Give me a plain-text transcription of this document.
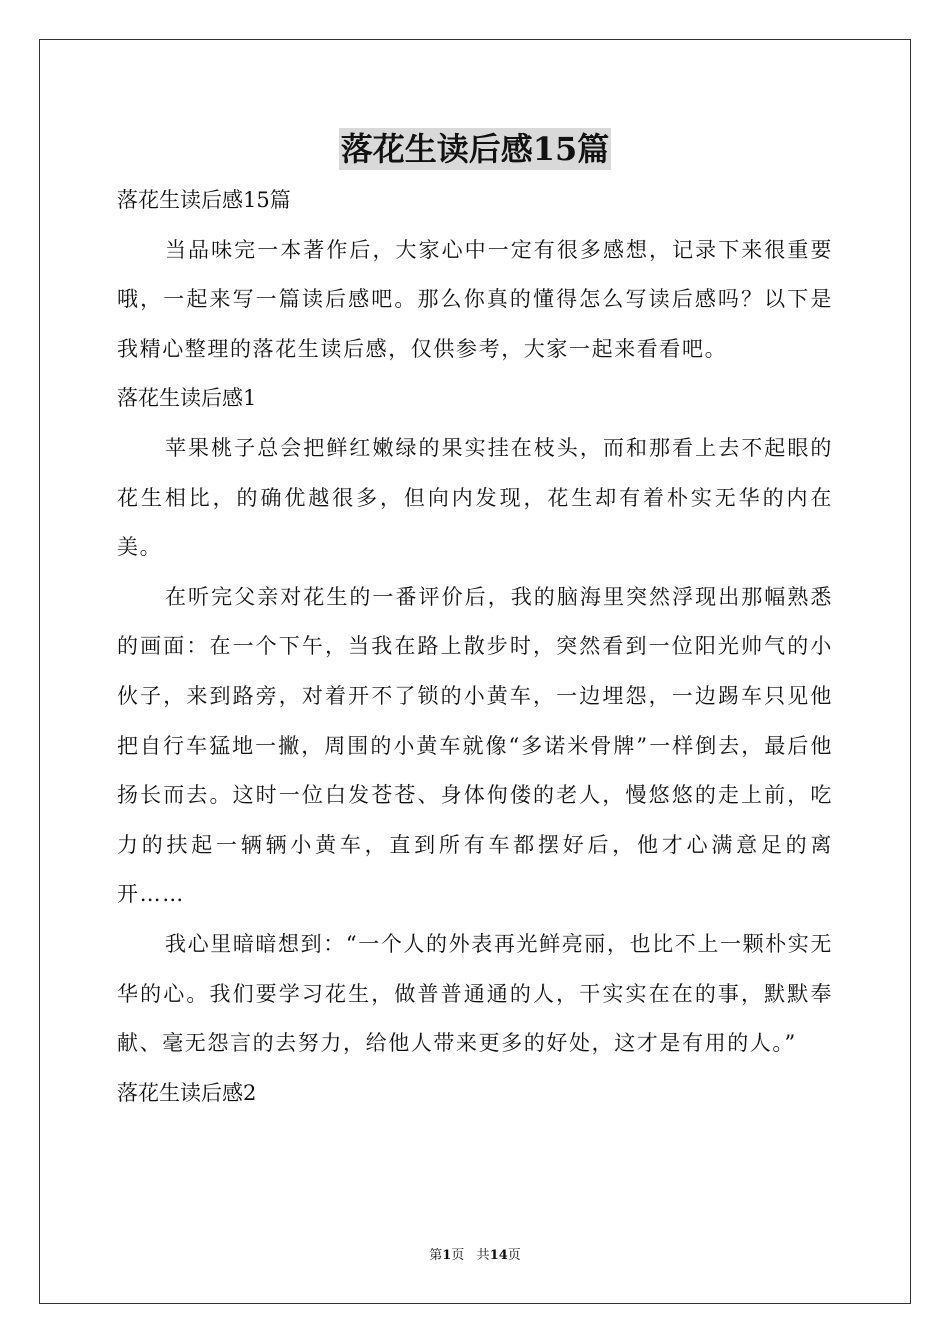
落花生读后感15篇

落花生读后感15篇

当品味完一本著作后，大家心中一定有很多感想，记录下来很重要哦，一起来写一篇读后感吧。那么你真的懂得怎么写读后感吗？以下是我精心整理的落花生读后感，仅供参考，大家一起来看看吧。

落花生读后感1

苹果桃子总会把鲜红嫩绿的果实挂在枝头，而和那看上去不起眼的花生相比，的确优越很多，但向内发现，花生却有着朴实无华的内在美。

在听完父亲对花生的一番评价后，我的脑海里突然浮现出那幅熟悉的画面：在一个下午，当我在路上散步时，突然看到一位阳光帅气的小伙子，来到路旁，对着开不了锁的小黄车，一边埋怨，一边踢车只见他把自行车猛地一撇，周围的小黄车就像“多诺米骨牌”一样倒去，最后他扬长而去。这时一位白发苍苍、身体佝偻的老人，慢悠悠的走上前，吃力的扶起一辆辆小黄车，直到所有车都摆好后，他才心满意足的离开……

我心里暗暗想到：“一个人的外表再光鲜亮丽，也比不上一颗朴实无华的心。我们要学习花生，做普普通通的人，干实实在在的事，默默奉献、毫无怨言的去努力，给他人带来更多的好处，这才是有用的人。”

落花生读后感2

第1页 共14页
